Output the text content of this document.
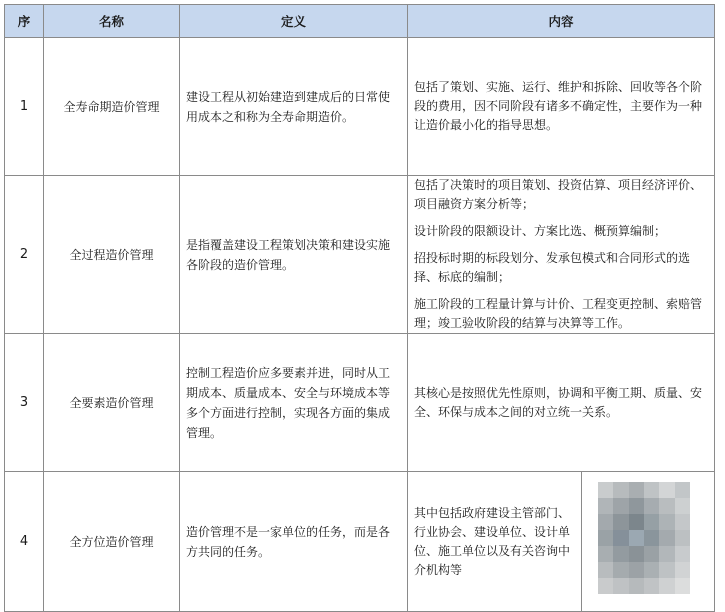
序	名称	定义	内容
1	全寿命期造价管理	建设工程从初始建造到建成后的日常使用成本之和称为全寿命期造价。	包括了策划、实施、运行、维护和拆除、回收等各个阶段的费用，因不同阶段有诸多不确定性，主要作为一种让造价最小化的指导思想。

2	全过程造价管理	是指覆盖建设工程策划决策和建设实施各阶段的造价管理。	包括了决策时的项目策划、投资估算、项目经济评价、项目融资方案分析等；

设计阶段的限额设计、方案比选、概预算编制；

招投标时期的标段划分、发承包模式和合同形式的选择、标底的编制；

施工阶段的工程量计算与计价、工程变更控制、索赔管理；竣工验收阶段的结算与决算等工作。

3	全要素造价管理	控制工程造价应多要素并进，同时从工期成本、质量成本、安全与环境成本等多个方面进行控制，实现各方面的集成管理。	其核心是按照优先性原则，协调和平衡工期、质量、安全、环保与成本之间的对立统一关系。

4	全方位造价管理	造价管理不是一家单位的任务，而是各方共同的任务。	其中包括政府建设主管部门、行业协会、建设单位、设计单位、施工单位以及有关咨询中介机构等
